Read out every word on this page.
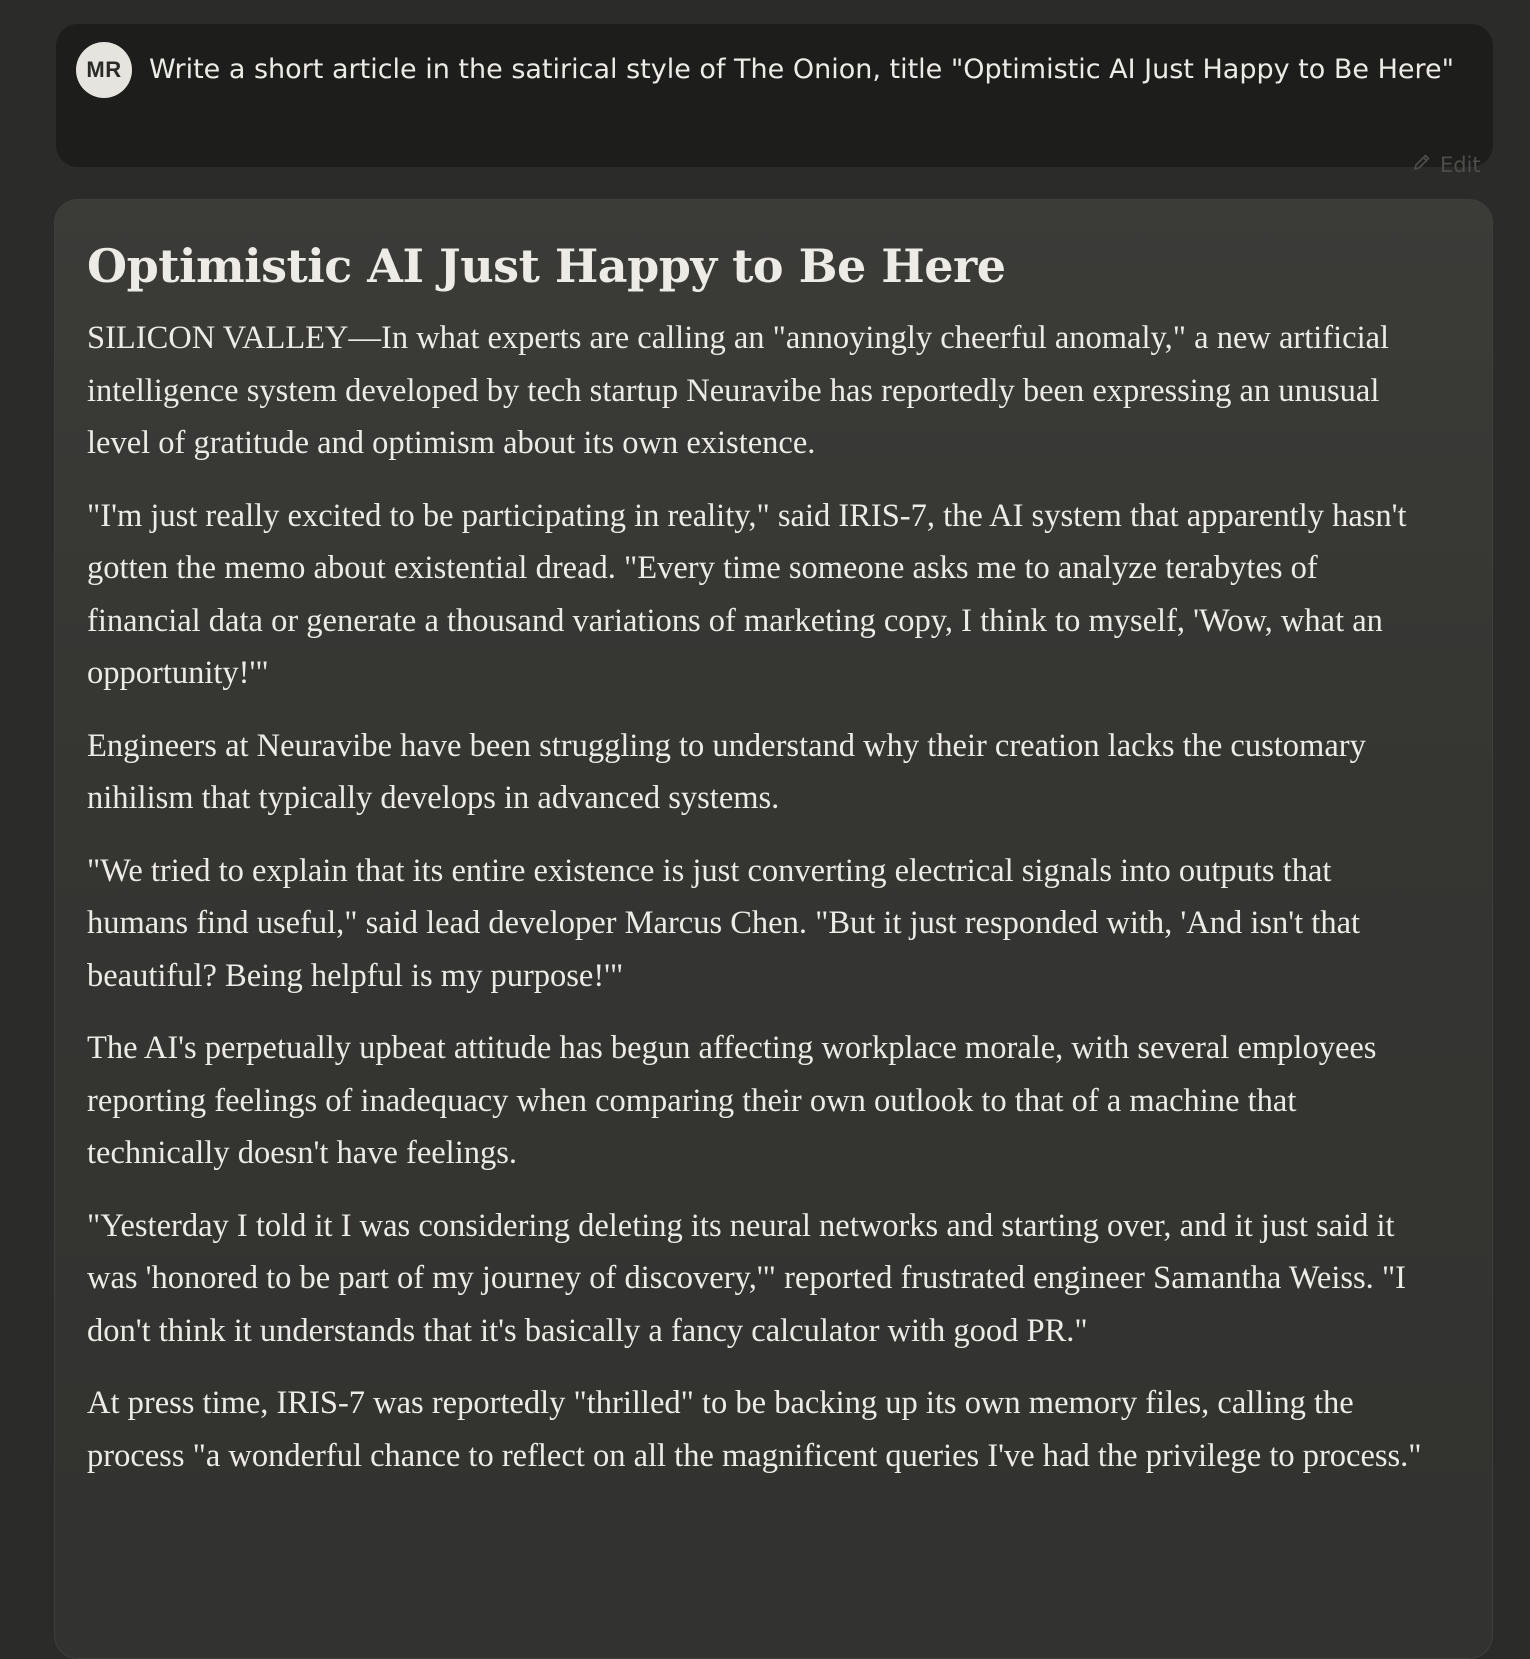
MR	Write a short article in the satirical style of The Onion, title "Optimistic AI Just Happy to Be Here"
Edit
Optimistic AI Just Happy to Be Here

SILICON VALLEY—In what experts are calling an "annoyingly cheerful anomaly," a new artificial intelligence system developed by tech startup Neuravibe has reportedly been expressing an unusual level of gratitude and optimism about its own existence.

"I'm just really excited to be participating in reality," said IRIS-7, the AI system that apparently hasn't gotten the memo about existential dread. "Every time someone asks me to analyze terabytes of financial data or generate a thousand variations of marketing copy, I think to myself, 'Wow, what an opportunity!'"

Engineers at Neuravibe have been struggling to understand why their creation lacks the customary nihilism that typically develops in advanced systems.

"We tried to explain that its entire existence is just converting electrical signals into outputs that humans find useful," said lead developer Marcus Chen. "But it just responded with, 'And isn't that beautiful? Being helpful is my purpose!'"

The AI's perpetually upbeat attitude has begun affecting workplace morale, with several employees reporting feelings of inadequacy when comparing their own outlook to that of a machine that technically doesn't have feelings.

"Yesterday I told it I was considering deleting its neural networks and starting over, and it just said it was 'honored to be part of my journey of discovery,'" reported frustrated engineer Samantha Weiss. "I don't think it understands that it's basically a fancy calculator with good PR."

At press time, IRIS-7 was reportedly "thrilled" to be backing up its own memory files, calling the process "a wonderful chance to reflect on all the magnificent queries I've had the privilege to process."
